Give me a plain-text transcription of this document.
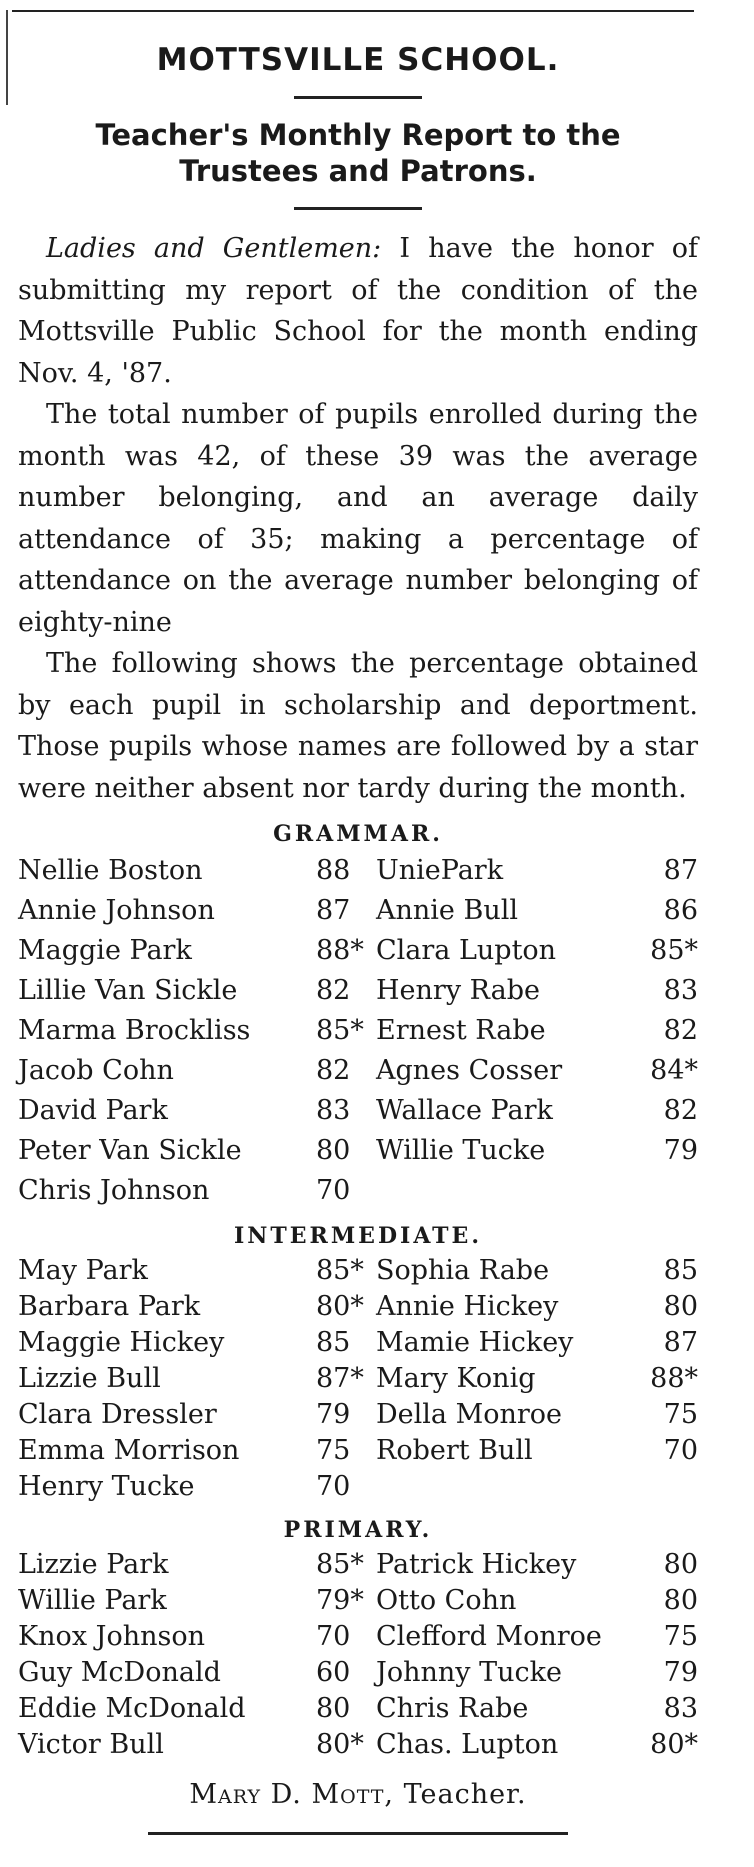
MOTTSVILLE SCHOOL.
Teacher's Monthly Report to the
Trustees and Patrons.

Ladies and Gentlemen: I have the honor of submitting my report of the condition of the Mottsville Public School for the month ending Nov. 4, '87.

The total number of pupils enrolled during the month was 42, of these 39 was the average number belonging, and an average daily attendance of 35; making a percentage of attendance on the average number belonging of eighty-nine

The following shows the percentage obtained by each pupil in scholarship and deportment. Those pupils whose names are followed by a star were neither absent nor tardy during the month.

GRAMMAR.
Nellie Boston	88 UniePark	87
Annie Johnson	87 Annie Bull	86
Maggie Park	88* Clara Lupton	85*
Lillie Van Sickle	82 Henry Rabe	83
Marma Brockliss	85* Ernest Rabe	82
Jacob Cohn	82 Agnes Cosser	84*
David Park	83 Wallace Park	82
Peter Van Sickle	80 Willie Tucke	79
Chris Johnson	70
INTERMEDIATE.
May Park	85* Sophia Rabe	85
Barbara Park	80* Annie Hickey	80
Maggie Hickey	85 Mamie Hickey	87
Lizzie Bull	87* Mary Konig	88*
Clara Dressler	79 Della Monroe	75
Emma Morrison	75 Robert Bull	70
Henry Tucke	70
PRIMARY.
Lizzie Park	85* Patrick Hickey	80
Willie Park	79* Otto Cohn	80
Knox Johnson	70 Clefford Monroe	75
Guy McDonald	60 Johnny Tucke	79
Eddie McDonald	80 Chris Rabe	83
Victor Bull	80* Chas. Lupton	80*
Mary D. Mott, Teacher.
